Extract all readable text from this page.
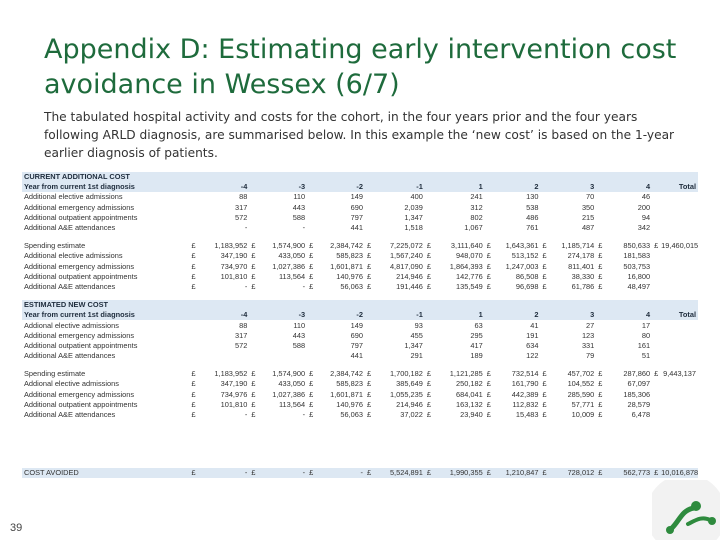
Appendix D: Estimating early intervention cost avoidance in Wessex (6/7)
The tabulated hospital activity and costs for the cohort, in the four years prior and the four years following ARLD diagnosis, are summarised below. In this example the ‘new cost’ is based on the 1-year earlier diagnosis of patients.
CURRENT ADDITIONAL COST																		
Year from current 1st diagnosis		-4		-3		-2		-1		1		2		3		4		Total
Additional elective admissions		88		110		149		400		241		130		70		46		
Additional emergency admissions		317		443		690		2,039		312		538		350		200		
Additional outpatient appointments		572		588		797		1,347		802		486		215		94		
Additional A&E attendances		-		-		441		1,518		1,067		761		487		342		

Spending estimate	£	1,183,952	£	1,574,900	£	2,384,742	£	7,225,072	£	3,111,640	£	1,643,361	£	1,185,714	£	850,633	£	19,460,015
Additional elective admissions	£	347,190	£	433,050	£	585,823	£	1,567,240	£	948,070	£	513,152	£	274,178	£	181,583		
Additional emergency admissions	£	734,970	£	1,027,386	£	1,601,871	£	4,817,090	£	1,864,393	£	1,247,003	£	811,401	£	503,753		
Additional outpatient appointments	£	101,810	£	113,564	£	140,976	£	214,946	£	142,776	£	86,508	£	38,330	£	16,800		
Additional A&E attendances	£	-	£	-	£	56,063	£	191,446	£	135,549	£	96,698	£	61,786	£	48,497		

ESTIMATED NEW COST																		
Year from current 1st diagnosis		-4		-3		-2		-1		1		2		3		4		Total
Addional elective admissions		88		110		149		93		63		41		27		17		
Additional emergency admissions		317		443		690		455		295		191		123		80		
Additional outpatient appointments		572		588		797		1,347		417		634		331		161		
Additional A&E attendances						441		291		189		122		79		51		

Spending estimate	£	1,183,952	£	1,574,900	£	2,384,742	£	1,700,182	£	1,121,285	£	732,514	£	457,702	£	287,860	£	9,443,137
Addional elective admissions	£	347,190	£	433,050	£	585,823	£	385,649	£	250,182	£	161,790	£	104,552	£	67,097		
Additional emergency admissions	£	734,976	£	1,027,386	£	1,601,871	£	1,055,235	£	684,041	£	442,389	£	285,590	£	185,306		
Additional outpatient appointments	£	101,810	£	113,564	£	140,976	£	214,946	£	163,132	£	112,832	£	57,771	£	28,579		
Additional A&E attendances	£	-	£	-	£	56,063	£	37,022	£	23,940	£	15,483	£	10,009	£	6,478		

COST AVOIDED	£	-	£	-	£	-	£	5,524,891	£	1,990,355	£	1,210,847	£	728,012	£	562,773	£	10,016,878
39
